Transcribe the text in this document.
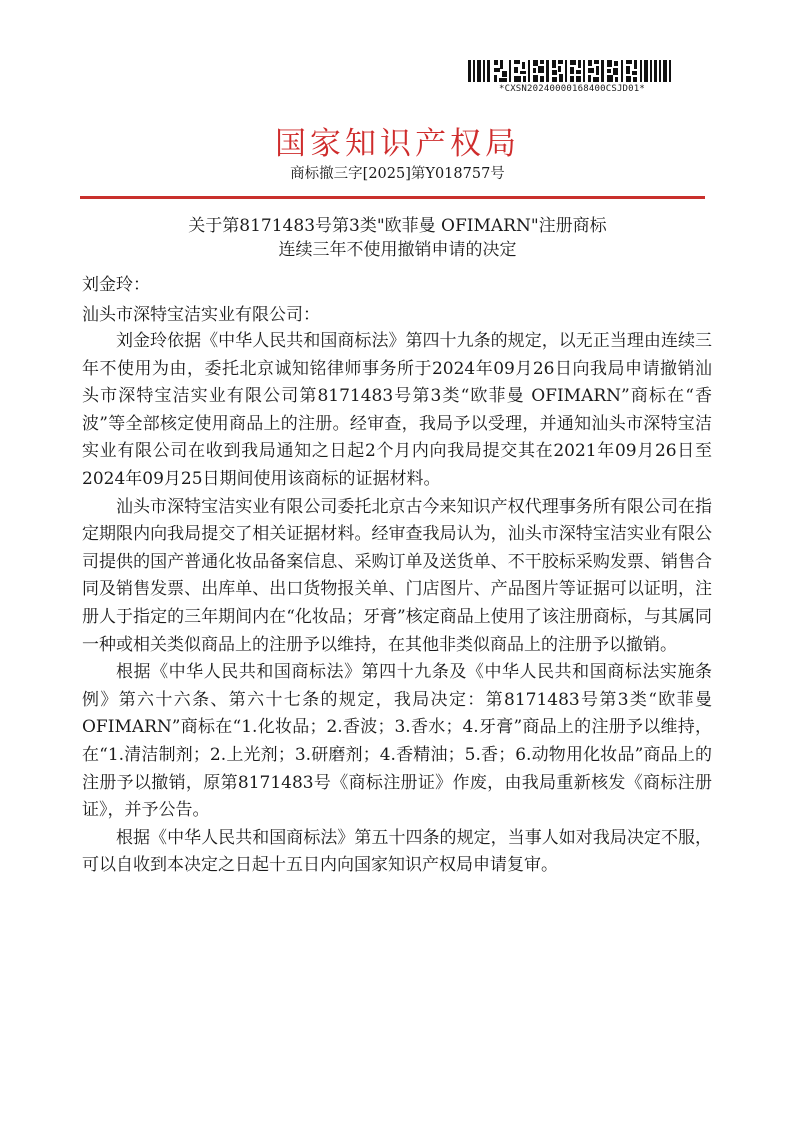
*CXSN20240000168400CSJD01*
国家知识产权局
商标撤三字[2025]第Y018757号
关于第8171483号第3类"欧菲曼 OFIMARN"注册商标
连续三年不使用撤销申请的决定
刘金玲：
汕头市深特宝洁实业有限公司：

刘金玲依据《中华人民共和国商标法》第四十九条的规定，以无正当理由连续三年不使用为由，委托北京诚知铭律师事务所于2024年09月26日向我局申请撤销汕头市深特宝洁实业有限公司第8171483号第3类“欧菲曼 OFIMARN”商标在“香波”等全部核定使用商品上的注册。经审查，我局予以受理，并通知汕头市深特宝洁实业有限公司在收到我局通知之日起2个月内向我局提交其在2021年09月26日至2024年09月25日期间使用该商标的证据材料。

汕头市深特宝洁实业有限公司委托北京古今来知识产权代理事务所有限公司在指定期限内向我局提交了相关证据材料。经审查我局认为，汕头市深特宝洁实业有限公司提供的国产普通化妆品备案信息、采购订单及送货单、不干胶标采购发票、销售合同及销售发票、出库单、出口货物报关单、门店图片、产品图片等证据可以证明，注册人于指定的三年期间内在“化妆品；牙膏”核定商品上使用了该注册商标，与其属同一种或相关类似商品上的注册予以维持，在其他非类似商品上的注册予以撤销。

根据《中华人民共和国商标法》第四十九条及《中华人民共和国商标法实施条例》第六十六条、第六十七条的规定，我局决定：第8171483号第3类“欧菲曼 OFIMARN”商标在“1.化妆品；2.香波；3.香水；4.牙膏”商品上的注册予以维持，在“1.清洁制剂；2.上光剂；3.研磨剂；4.香精油；5.香；6.动物用化妆品”商品上的注册予以撤销，原第8171483号《商标注册证》作废，由我局重新核发《商标注册证》，并予公告。

根据《中华人民共和国商标法》第五十四条的规定，当事人如对我局决定不服，可以自收到本决定之日起十五日内向国家知识产权局申请复审。
